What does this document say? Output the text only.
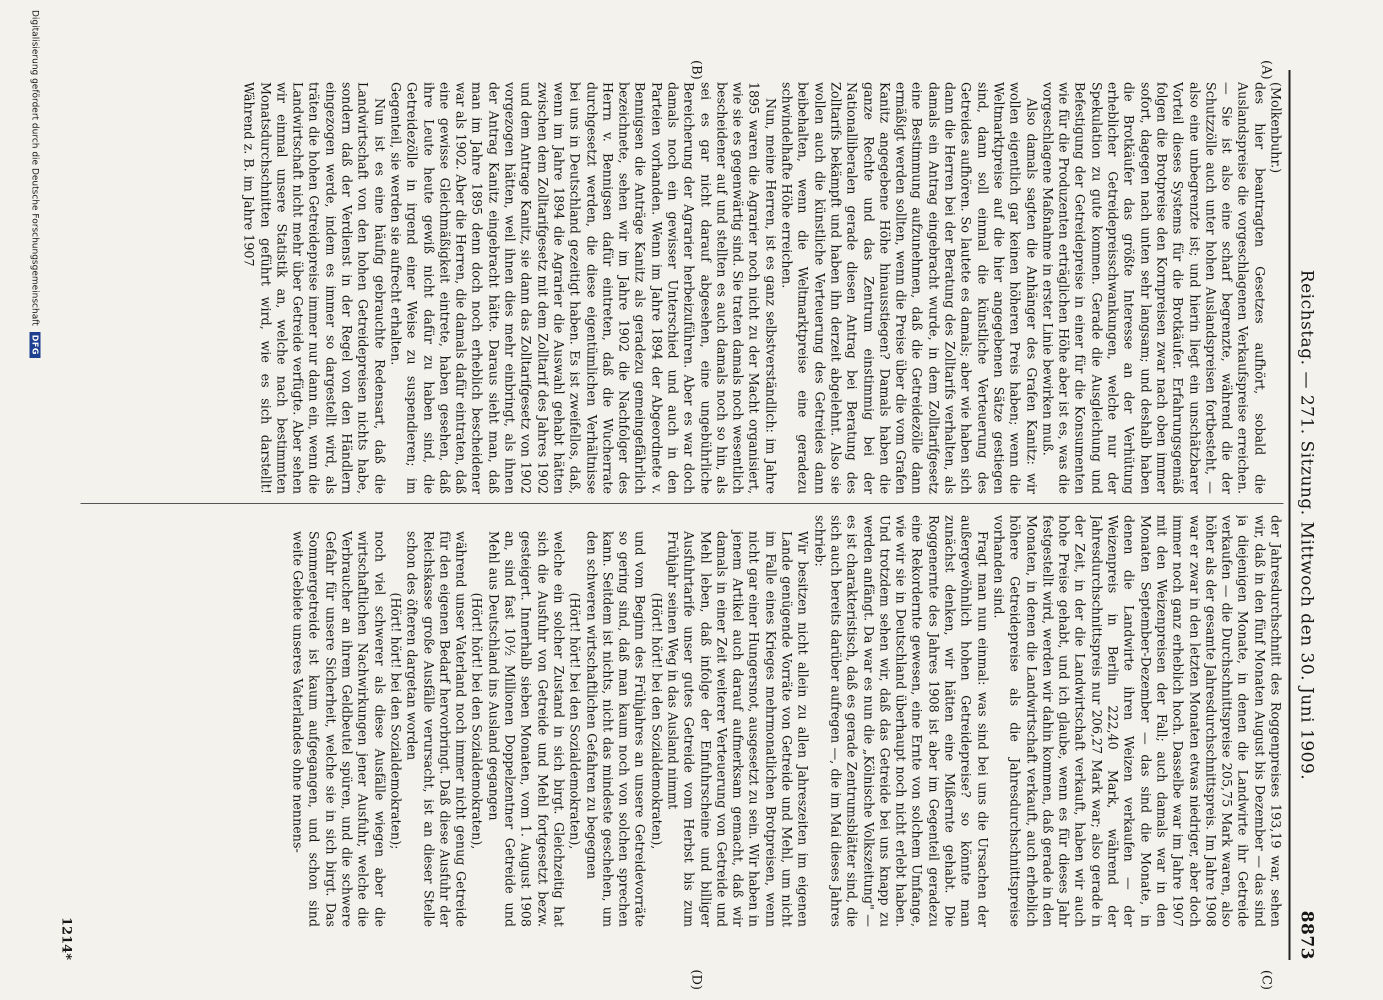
Reichstag. — 271. Sitzung. Mittwoch den 30. Juni 1909.
8873
(A)
(B)
(C)
(D)

(Molkenbuhr.)

des hier beantragten Gesetzes aufhört, sobald die Auslandspreise die vorgeschlagenen Verkaufspreise erreichen. — Sie ist also eine scharf begrenzte, während die der Schutzzölle auch unter hohen Auslandspreisen fortbesteht, — also eine unbegrenzte ist; und hierin liegt ein unschätzbarer Vorteil dieses Systems für die Brotkäufer. Erfahrungsgemäß folgen die Brotpreise den Kornpreisen zwar nach oben immer sofort, dagegen nach unten sehr langsam; und deshalb haben die Brotkäufer das größte Interesse an der Verhütung erheblicher Getreidepreisschwankungen, welche nur der Spekulation zu gute kommen. Gerade die Ausgleichung und Befestigung der Getreidepreise in einer für die Konsumenten wie für die Produzenten erträglichen Höhe aber ist es, was die vorgeschlagene Maßnahme in erster Linie bewirken muß.

Also damals sagten die Anhänger des Grafen Kanitz: wir wollen eigentlich gar keinen höheren Preis haben; wenn die Weltmarktpreise auf die hier angegebenen Sätze gestiegen sind, dann soll einmal die künstliche Verteuerung des Getreides aufhören. So lautete es damals; aber wie haben sich dann die Herren bei der Beratung des Zolltarifs verhalten, als damals ein Antrag eingebracht wurde, in dem Zolltarifgesetz eine Bestimmung aufzunehmen, daß die Getreidezölle dann ermäßigt werden sollten, wenn die Preise über die vom Grafen Kanitz angegebene Höhe hinausstiegen? Damals haben die ganze Rechte und das Zentrum einstimmig bei der Nationalliberalen gerade diesen Antrag bei Beratung des Zolltarifs bekämpft und haben ihn derzeit abgelehnt. Also sie wollen auch die künstliche Verteuerung des Getreides dann beibehalten, wenn die Weltmarktpreise eine geradezu schwindelhafte Höhe erreichen.

Nun, meine Herren, ist es ganz selbstverständlich: im Jahre 1895 waren die Agrarier noch nicht zu der Macht organisiert, wie sie es gegenwärtig sind. Sie traten damals noch wesentlich bescheidener auf und stellten es auch damals noch so hin, als sei es gar nicht darauf abgesehen, eine ungebührliche Bereicherung der Agrarier herbeizuführen. Aber es war doch damals noch ein gewisser Unterschied und auch in den Parteien vorhanden. Wenn im Jahre 1894 der Abgeordnete v. Bennigsen die Anträge Kanitz als geradezu gemeingefährlich bezeichnete, sehen wir im Jahre 1902 die Nachfolger des Herrn v. Bennigsen dafür eintreten, daß die Wucherrate durchgesetzt werden, die diese eigentümlichen Verhältnisse bei uns in Deutschland gezeitigt haben. Es ist zweifellos, daß, wenn im Jahre 1894 die Agrarier die Auswahl gehabt hätten zwischen dem Zolltarifgesetz mit dem Zolltarif des Jahres 1902 und dem Antrage Kanitz, sie dann das Zolltarifgesetz von 1902 vorgezogen hätten, weil ihnen dies mehr einbringt, als ihnen der Antrag Kanitz eingebracht hätte. Daraus sieht man, daß man im Jahre 1895 denn doch noch erheblich bescheidener war als 1902. Aber die Herren, die damals dafür eintraten, daß eine gewisse Gleichmäßigkeit eintrete, haben gesehen, daß ihre Leute heute gewiß nicht dafür zu haben sind, die Getreidezölle in irgend einer Weise zu suspendieren; im Gegenteil, sie werden sie aufrecht erhalten.

Nun ist es eine häufig gebrauchte Redensart, daß die Landwirtschaft von den hohen Getreidepreisen nichts habe, sondern daß der Verdienst in der Regel von den Händlern eingezogen werde, indem es immer so dargestellt wird, als träten die hohen Getreidepreise immer nur dann ein, wenn die Landwirtschaft nicht mehr über Getreide verfügte. Aber sehen wir einmal unsere Statistik an, welche nach bestimmten Monatsdurchschnitten geführt wird, wie es sich darstellt! Während z. B. im Jahre 1907

der Jahresdurchschnitt des Roggenpreises 193,19 war, sehen wir, daß in den fünf Monaten August bis Dezember — das sind ja diejenigen Monate, in denen die Landwirte ihr Getreide verkaufen — die Durchschnittspreise 205,75 Mark waren, also höher als der gesamte Jahresdurchschnittspreis. Im Jahre 1908 war er zwar in den letzten Monaten etwas niedriger, aber doch immer noch ganz erheblich hoch. Dasselbe war im Jahre 1907 mit den Weizenpreisen der Fall; auch damals war in den Monaten September-Dezember — das sind die Monate, in denen die Landwirte ihren Weizen verkaufen — der Weizenpreis in Berlin 222,40 Mark, während der Jahresdurchschnittspreis nur 206,27 Mark war; also gerade in der Zeit, in der die Landwirtschaft verkauft, haben wir auch hohe Preise gehabt, und ich glaube, wenn es für dieses Jahr festgestellt wird, werden wir dahin kommen, daß gerade in den Monaten, in denen die Landwirtschaft verkauft, auch erheblich höhere Getreidepreise als die Jahresdurchschnittspreise vorhanden sind.

Fragt man nun einmal: was sind bei uns die Ursachen der außergewöhnlich hohen Getreidepreise? so könnte man zunächst denken, wir hätten eine Mißernte gehabt. Die Roggenernte des Jahres 1908 ist aber im Gegenteil geradezu eine Rekordernte gewesen, eine Ernte von solchem Umfange, wie wir sie in Deutschland überhaupt noch nicht erlebt haben. Und trotzdem sehen wir, daß das Getreide bei uns knapp zu werden anfängt. Da war es nun die „Kölnische Volkszeitung" — es ist charakteristisch, daß es gerade Zentrumsblätter sind, die sich auch bereits darüber aufregen —, die im Mai dieses Jahres schrieb:

Wir besitzen nicht allein zu allen Jahreszeiten im eigenen Lande genügende Vorräte von Getreide und Mehl, um nicht im Falle eines Krieges mehrmonatlichen Brotpreisen, wenn nicht gar einer Hungersnot, ausgesetzt zu sein. Wir haben in jenem Artikel auch darauf aufmerksam gemacht, daß wir damals in einer Zeit weiterer Verteuerung von Getreide und Mehl leben, daß infolge der Einfuhrscheine und billiger Ausfuhrtarife unser gutes Getreide vom Herbst bis zum Frühjahr seinen Weg in das Ausland nimmt

(Hört! hört! bei den Sozialdemokraten),

und vom Beginn des Frühjahres an unsere Getreidevorräte so gering sind, daß man kaum noch von solchen sprechen kann. Seitdem ist nichts, nicht das mindeste geschehen, um den schweren wirtschaftlichen Gefahren zu begegnen

(Hört! hört! bei den Sozialdemokraten),

welche ein solcher Zustand in sich birgt. Gleichzeitig hat sich die Ausfuhr von Getreide und Mehl fortgesetzt bezw. gesteigert. Innerhalb sieben Monaten, vom 1. August 1908 an, sind fast 10½ Millionen Doppelzentner Getreide und Mehl aus Deutschland ins Ausland gegangen

(Hört! hört! bei den Sozialdemokraten),

während unser Vaterland noch immer nicht genug Getreide für den eigenen Bedarf hervorbringt. Daß diese Ausfuhr der Reichskasse große Ausfälle verursacht, ist an dieser Stelle schon des öfteren dargetan worden

(Hört! hört! bei den Sozialdemokraten);

noch viel schwerer als diese Ausfälle wiegen aber die wirtschaftlichen Nachwirkungen jener Ausfuhr, welche die Verbraucher an ihrem Geldbeutel spüren, und die schwere Gefahr für unsere Sicherheit, welche sie in sich birgt. Das Sommergetreide ist kaum aufgegangen, und schon sind weite Gebiete unseres Vaterlandes ohne nennens-

1214*
Digitalisierung gefördert durch die Deutsche Forschungsgemeinschaft
DFG
